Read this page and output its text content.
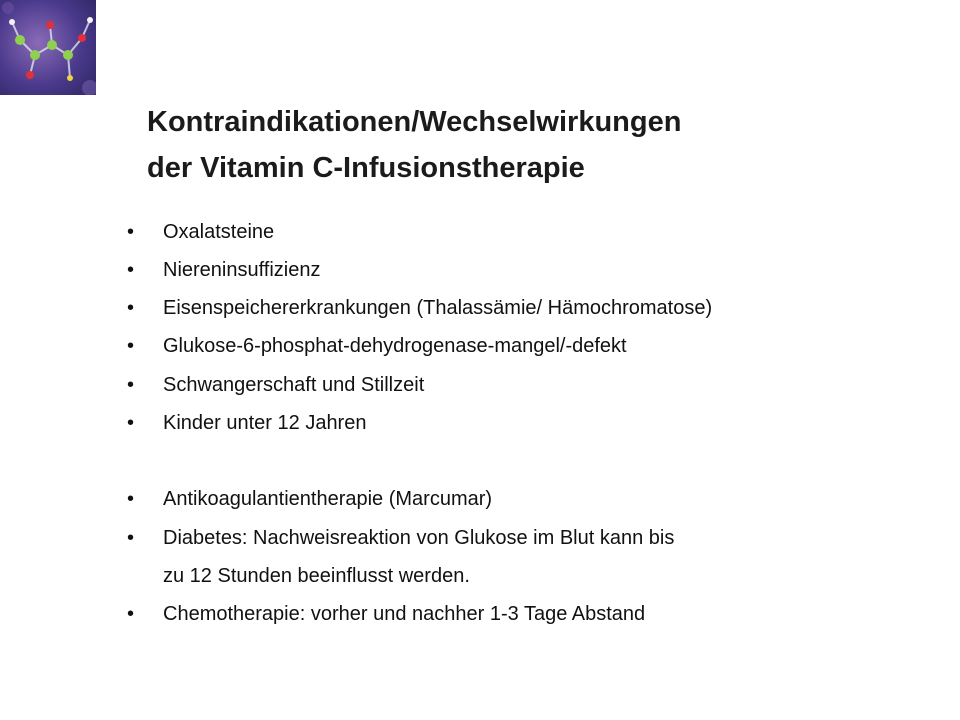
Kontraindikationen/Wechselwirkungen
der Vitamin C-Infusionstherapie
• Oxalatsteine
• Niereninsuffizienz
• Eisenspeichererkrankungen (Thalassämie/ Hämochromatose)
• Glukose-6-phosphat-dehydrogenase-mangel/-defekt
• Schwangerschaft und Stillzeit
• Kinder unter 12 Jahren
• Antikoagulantientherapie (Marcumar)
• Diabetes: Nachweisreaktion von Glukose im Blut kann bis
zu 12 Stunden beeinflusst werden.
• Chemotherapie: vorher und nachher 1-3 Tage Abstand
